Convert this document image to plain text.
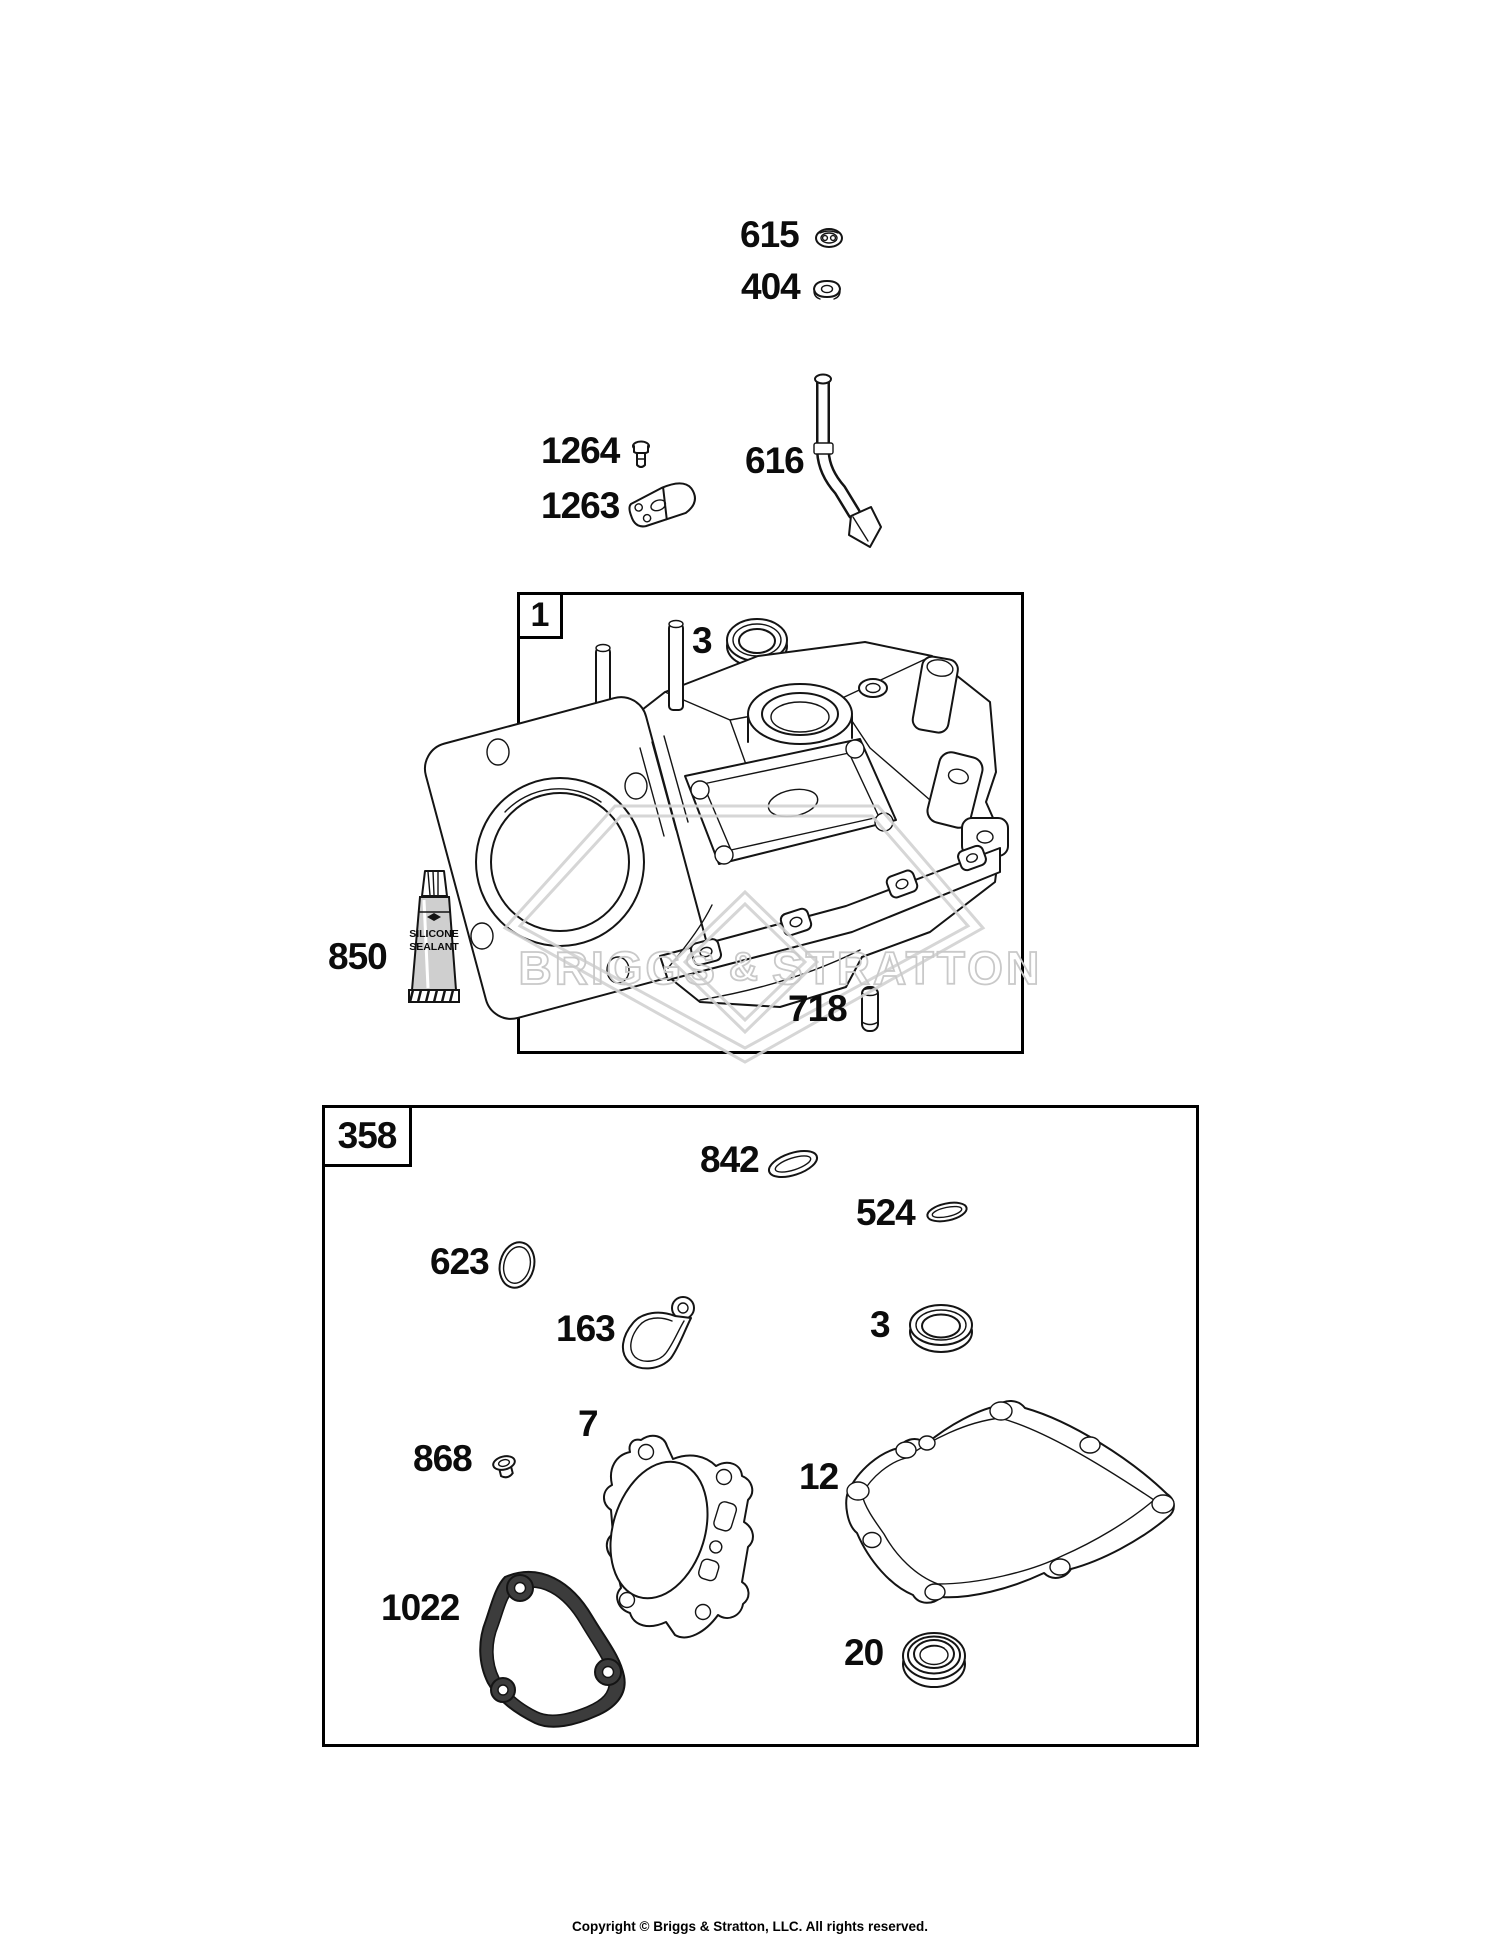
1
358
SILICONE
SEALANT	STRATTON
615
404
1264
1263
616
3
718
850
842
524
623
163	3
868
7
12
1022
20
Copyright © Briggs & Stratton, LLC. All rights reserved.
